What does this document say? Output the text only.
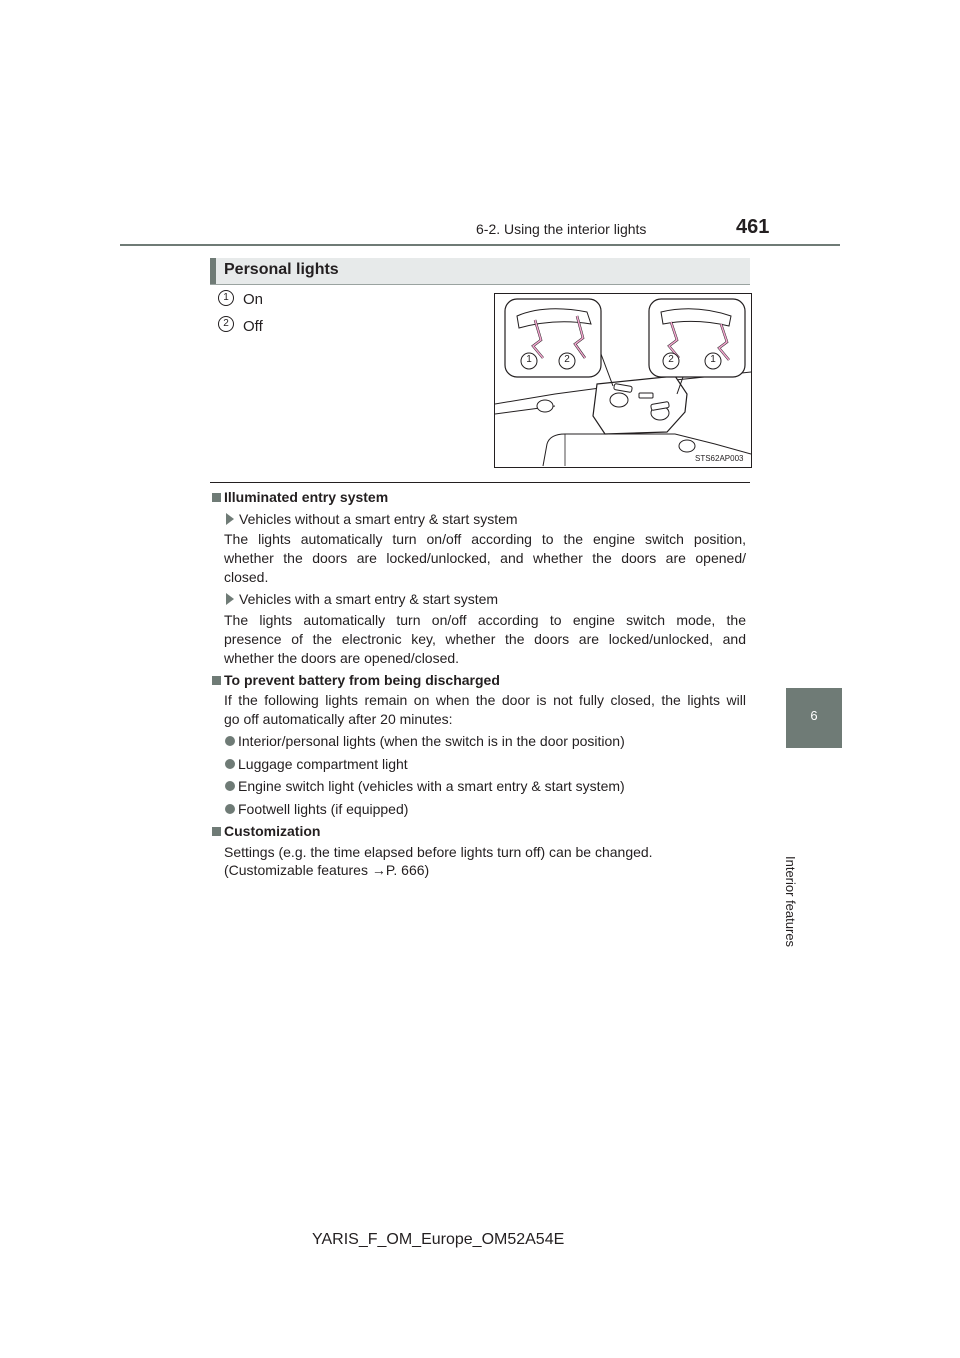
6-2. Using the interior lights	461
6
Interior features
Personal lights
1 On
2 Off
1	2	2	1
STS62AP003
Illuminated entry system
Vehicles without a smart entry & start system
The lights automatically turn on/off according to the engine switch position,
whether the doors are locked/unlocked, and whether the doors are opened/
closed.
Vehicles with a smart entry & start system
The lights automatically turn on/off according to engine switch mode, the
presence of the electronic key, whether the doors are locked/unlocked, and
whether the doors are opened/closed.
To prevent battery from being discharged
If the following lights remain on when the door is not fully closed, the lights will
go off automatically after 20 minutes:
Interior/personal lights (when the switch is in the door position)
Luggage compartment light
Engine switch light (vehicles with a smart entry & start system)
Footwell lights (if equipped)
Customization
Settings (e.g. the time elapsed before lights turn off) can be changed.
(Customizable features →P. 666)
YARIS_F_OM_Europe_OM52A54E
